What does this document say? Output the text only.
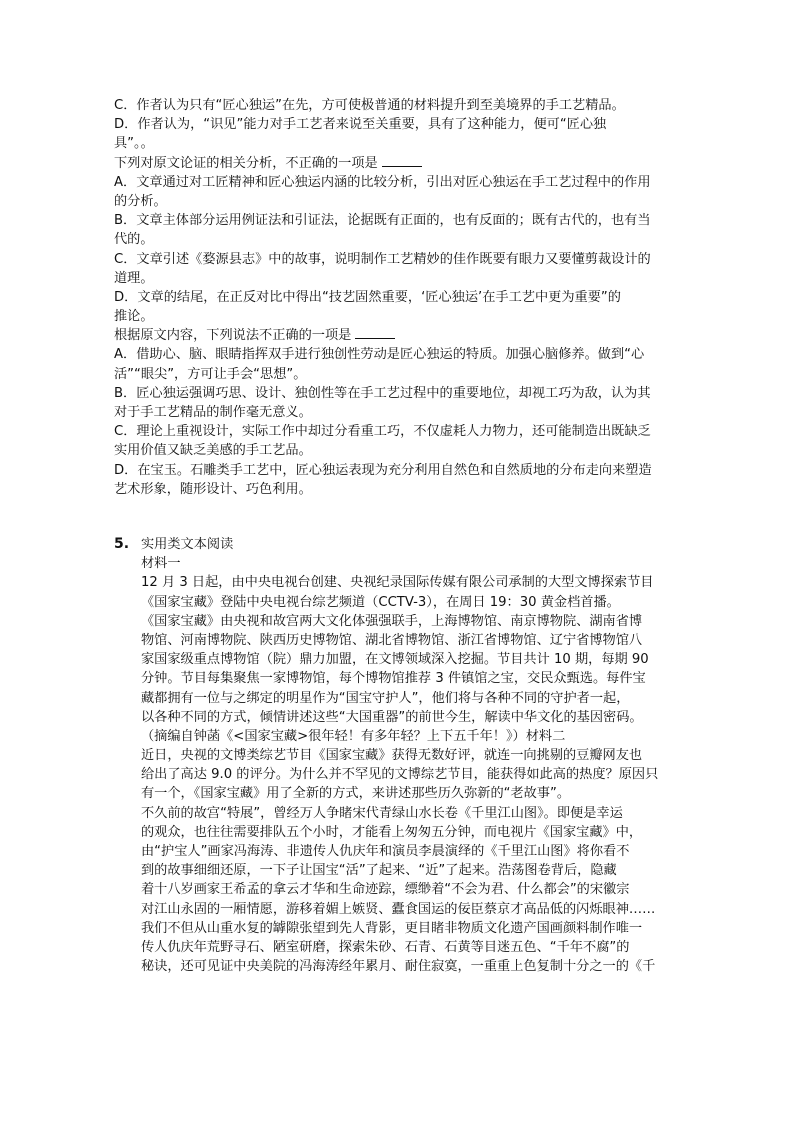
C．作者认为只有“匠心独运”在先，方可使极普通的材料提升到至美境界的手工艺精品。

D．作者认为，“识见”能力对手工艺者来说至关重要，具有了这种能力，便可“匠心独

具”。。

下列对原文论证的相关分析，不正确的一项是

A．文章通过对工匠精神和匠心独运内涵的比较分析，引出对匠心独运在手工艺过程中的作用

的分析。

B．文章主体部分运用例证法和引证法，论据既有正面的，也有反面的；既有古代的，也有当

代的。

C．文章引述《婺源县志》中的故事，说明制作工艺精妙的佳作既要有眼力又要懂剪裁设计的

道理。

D．文章的结尾，在正反对比中得出“技艺固然重要，‘匠心独运’在手工艺中更为重要”的

推论。

根据原文内容，下列说法不正确的一项是

A．借助心、脑、眼睛指挥双手进行独创性劳动是匠心独运的特质。加强心脑修养。做到“心

活”“眼尖”，方可让手会“思想”。

B．匠心独运强调巧思、设计、独创性等在手工艺过程中的重要地位，却视工巧为敌，认为其

对于手工艺精品的制作毫无意义。

C．理论上重视设计，实际工作中却过分看重工巧，不仅虚耗人力物力，还可能制造出既缺乏

实用价值又缺乏美感的手工艺品。

D．在宝玉。石雕类手工艺中，匠心独运表现为充分利用自然色和自然质地的分布走向来塑造

艺术形象，随形设计、巧色利用。

5. 实用类文本阅读

材料一

12 月 3 日起，由中央电视台创建、央视纪录国际传媒有限公司承制的大型文博探索节目

《国家宝藏》登陆中央电视台综艺频道（CCTV-3），在周日 19：30 黄金档首播。

《国家宝藏》由央视和故宫两大文化体强强联手，上海博物馆、南京博物院、湖南省博

物馆、河南博物院、陕西历史博物馆、湖北省博物馆、浙江省博物馆、辽宁省博物馆八

家国家级重点博物馆（院）鼎力加盟，在文博领域深入挖掘。节目共计 10 期，每期 90

分钟。节目每集聚焦一家博物馆，每个博物馆推荐 3 件镇馆之宝，交民众甄选。每件宝

藏都拥有一位与之绑定的明星作为“国宝守护人”，他们将与各种不同的守护者一起，

以各种不同的方式，倾情讲述这些“大国重器”的前世今生，解读中华文化的基因密码。

（摘编自钟菡《<国家宝藏>很年轻！有多年轻？上下五千年！》）材料二

近日，央视的文博类综艺节目《国家宝藏》获得无数好评，就连一向挑剔的豆瓣网友也

给出了高达 9.0 的评分。为什么并不罕见的文博综艺节目，能获得如此高的热度？原因只

有一个，《国家宝藏》用了全新的方式，来讲述那些历久弥新的“老故事”。

不久前的故宫“特展”，曾经万人争睹宋代青绿山水长卷《千里江山图》。即便是幸运

的观众，也往往需要排队五个小时，才能看上匆匆五分钟，而电视片《国家宝藏》中，

由“护宝人”画家冯海涛、非遗传人仇庆年和演员李晨演绎的《千里江山图》将你看不

到的故事细细还原，一下子让国宝“活”了起来、“近”了起来。浩荡图卷背后，隐藏

着十八岁画家王希孟的拿云才华和生命迹踪，缥缈着“不会为君、什么都会”的宋徽宗

对江山永固的一厢情愿，游移着媚上嫉贤、蠹食国运的佞臣蔡京才高品低的闪烁眼神……

我们不但从山重水复的罅隙张望到先人背影，更目睹非物质文化遗产国画颜料制作唯一

传人仇庆年荒野寻石、陋室研磨，探索朱砂、石青、石黄等目迷五色、“千年不腐”的

秘诀，还可见证中央美院的冯海涛经年累月、耐住寂寞，一重重上色复制十分之一的《千
